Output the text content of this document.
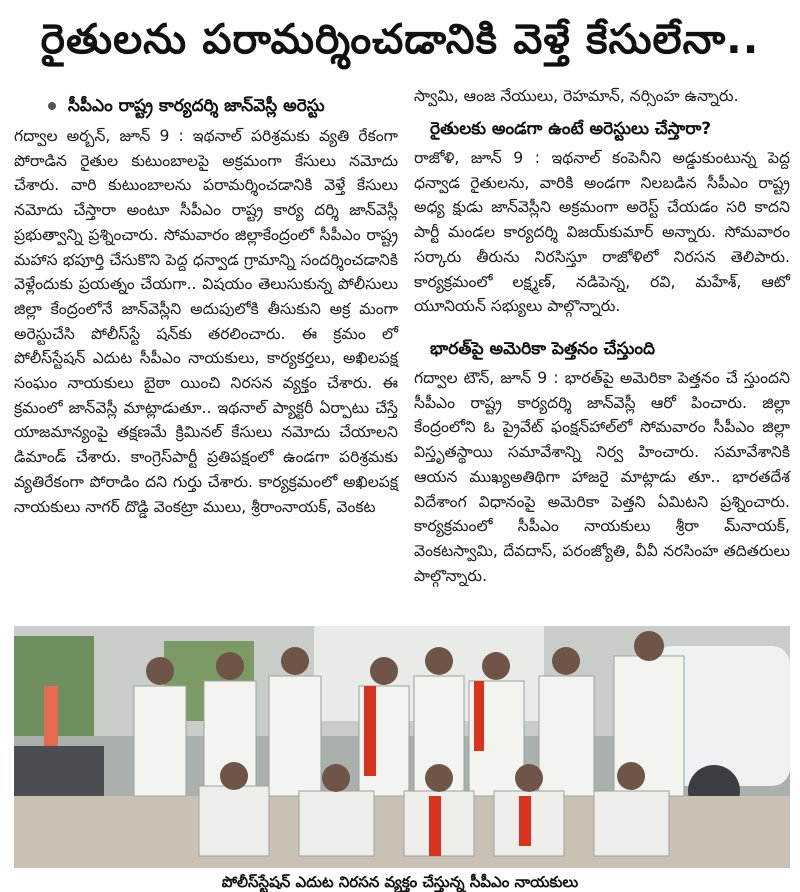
రైతులను పరామర్శించడానికి వెళ్తే కేసులేనా..
సీపీఎం రాష్ట్ర కార్యదర్శి జాన్‌వెస్లీ అరెస్టు

గద్వాల అర్బన్, జూన్ 9 : ఇథనాల్ పరిశ్రమకు వ్యతి రేకంగా పోరాడిన రైతుల కుటుంబాలపై అక్రమంగా కేసులు నమోదు చేశారు. వారి కుటుంబాలను పరామర్శించడానికి వెళ్తే కేసులు నమోదు చేస్తారా అంటూ సీపీఎం రాష్ట్ర కార్య దర్శి జాన్‌వెస్లీ ప్రభుత్వాన్ని ప్రశ్నించారు. సోమవారం జిల్లాకేంద్రంలో సీపీఎం రాష్ట్ర మహాస భపూర్తి చేసుకొని పెద్ద ధన్వాడ గ్రామాన్ని సందర్శించడానికి వెళ్లేందుకు ప్రయత్నం చేయగా.. విషయం తెలుసుకున్న పోలీసులు జిల్లా కేంద్రంలోనే జాన్‌వెస్లీని అదుపులోకి తీసుకుని అక్ర మంగా అరెస్టుచేసి పోలీస్‌స్టే షన్‌కు తరలించారు. ఈ క్రమం లో పోలీస్‌స్టేషన్ ఎదుట సీపీఎం నాయకులు, కార్యకర్తలు, అఖిలపక్ష సంఘం నాయకులు బైఠా యించి నిరసన వ్యక్తం చేశారు. ఈ క్రమంలో జాన్‌వెస్లీ మాట్లాడుతూ.. ఇథనాల్ ప్యాక్టరీ ఏర్పాటు చేస్తే యాజమాన్యంపై తక్షణమే క్రిమినల్ కేసులు నమోదు చేయాలని డిమాండ్ చేశారు. కాంగ్రెస్‌పార్టీ ప్రతిపక్షంలో ఉండగా పరిశ్రమకు వ్యతిరేకంగా పోరాడిం దని గుర్తు చేశారు. కార్యక్రమంలో అఖిలపక్ష నాయకులు నాగర్ దొడ్డి వెంకట్రా ములు, శ్రీరాంనాయక్, వెంకట

స్వామి, ఆంజ నేయులు, రెహమాన్, నర్సింహ ఉన్నారు.

రైతులకు అండగా ఉంటే అరెస్టులు చేస్తారా?

రాజోళి, జూన్ 9 : ఇథనాల్ కంపెనీని అడ్డుకుంటున్న పెద్ద ధన్వాడ రైతులను, వారికి అండగా నిలబడిన సీపీఎం రాష్ట్ర అధ్య క్షుడు జాన్‌వెస్లీని అక్రమంగా అరెస్ట్ చేయడం సరి కాదని పార్టీ మండల కార్యదర్శి విజయ్‌కుమార్ అన్నారు. సోమవారం సర్కారు తీరును నిరసిస్తూ రాజోళిలో నిరసన తెలిపారు. కార్యక్రమంలో లక్ష్మణ్, నడిపెన్న, రవి, మహేశ్, ఆటో యూనియన్ సభ్యులు పాల్గొన్నారు.

భారత్‌పై అమెరికా పెత్తనం చేస్తుంది

గద్వాల టౌన్, జూన్ 9 : భారత్‌పై అమెరికా పెత్తనం చే స్తుందని సీపీఎం రాష్ట్ర కార్యదర్శి జాన్‌వెస్లీ ఆరో పించారు. జిల్లా కేంద్రంలోని ఓ ప్రైవేట్ ఫంక్షన్‌హాల్‌లో సోమవారం సీపీఎం జిల్లా విస్తృతస్థాయి సమావేశాన్ని నిర్వ హించారు. సమావేశానికి ఆయన ముఖ్యఅతిథిగా హాజరై మాట్లాడు తూ.. భారతదేశ విదేశాంగ విధానంపై అమెరికా పెత్తని ఏమిటని ప్రశ్నించారు. కార్యక్రమంలో సీపీఎం నాయకులు శ్రీరా మ్‌నాయక్, వెంకటస్వామి, దేవదాస్, పరంజ్యోతి, వీవీ నరసింహ తదితరులు పాల్గొన్నారు.

పోలీస్‌స్టేషన్ ఎదుట నిరసన వ్యక్తం చేస్తున్న సీపీఎం నాయకులు
